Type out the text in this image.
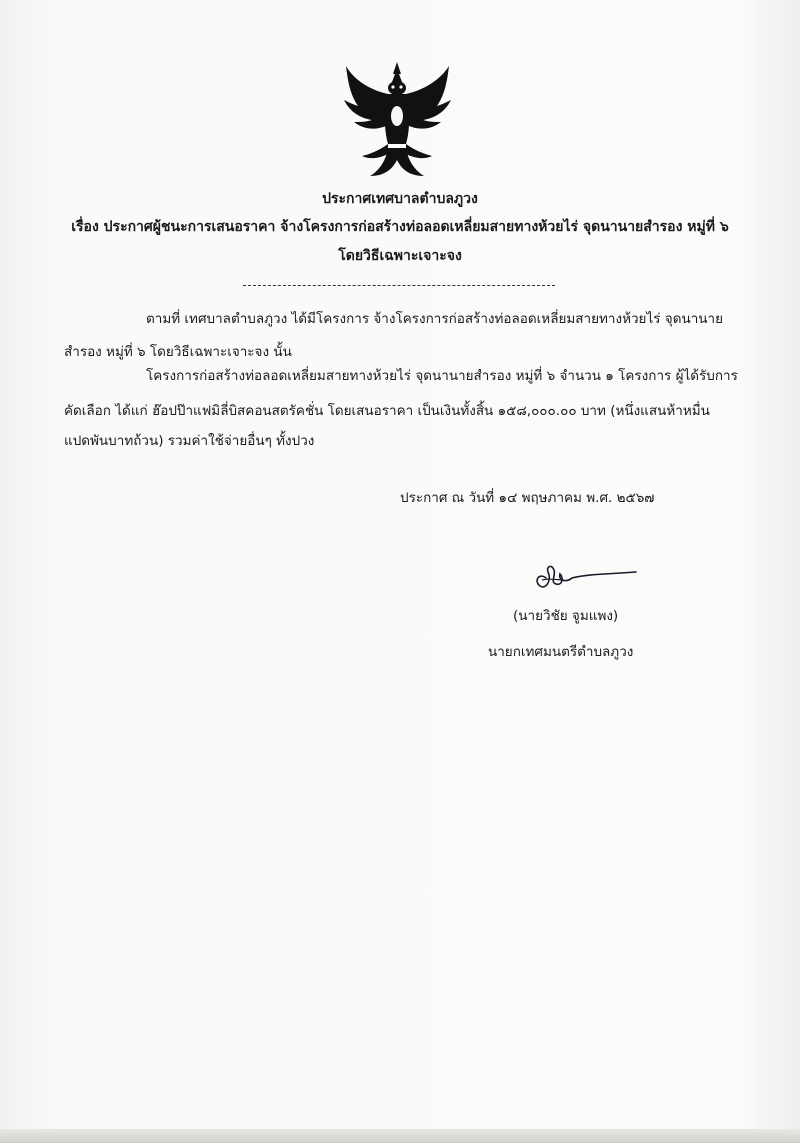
ประกาศเทศบาลตำบลภูวง
เรื่อง ประกาศผู้ชนะการเสนอราคา จ้างโครงการก่อสร้างท่อลอดเหลี่ยมสายทางห้วยไร่ จุดนานายสำรอง หมู่ที่ ๖
โดยวิธีเฉพาะเจาะจง
ตามที่ เทศบาลตำบลภูวง ได้มีโครงการ จ้างโครงการก่อสร้างท่อลอดเหลี่ยมสายทางห้วยไร่ จุดนานาย
สำรอง หมู่ที่ ๖ โดยวิธีเฉพาะเจาะจง นั้น
โครงการก่อสร้างท่อลอดเหลี่ยมสายทางห้วยไร่ จุดนานายสำรอง หมู่ที่ ๖ จำนวน ๑ โครงการ ผู้ได้รับการ
คัดเลือก ได้แก่ ฮ๊อปป๊าแฟมิลี่บิสคอนสตรัคชั่น โดยเสนอราคา เป็นเงินทั้งสิ้น ๑๕๘,๐๐๐.๐๐ บาท (หนึ่งแสนห้าหมื่น
แปดพันบาทถ้วน) รวมค่าใช้จ่ายอื่นๆ ทั้งปวง
ประกาศ ณ วันที่ ๑๔ พฤษภาคม พ.ศ. ๒๕๖๗
(นายวิชัย จูมแพง)
นายกเทศมนตรีตำบลภูวง
